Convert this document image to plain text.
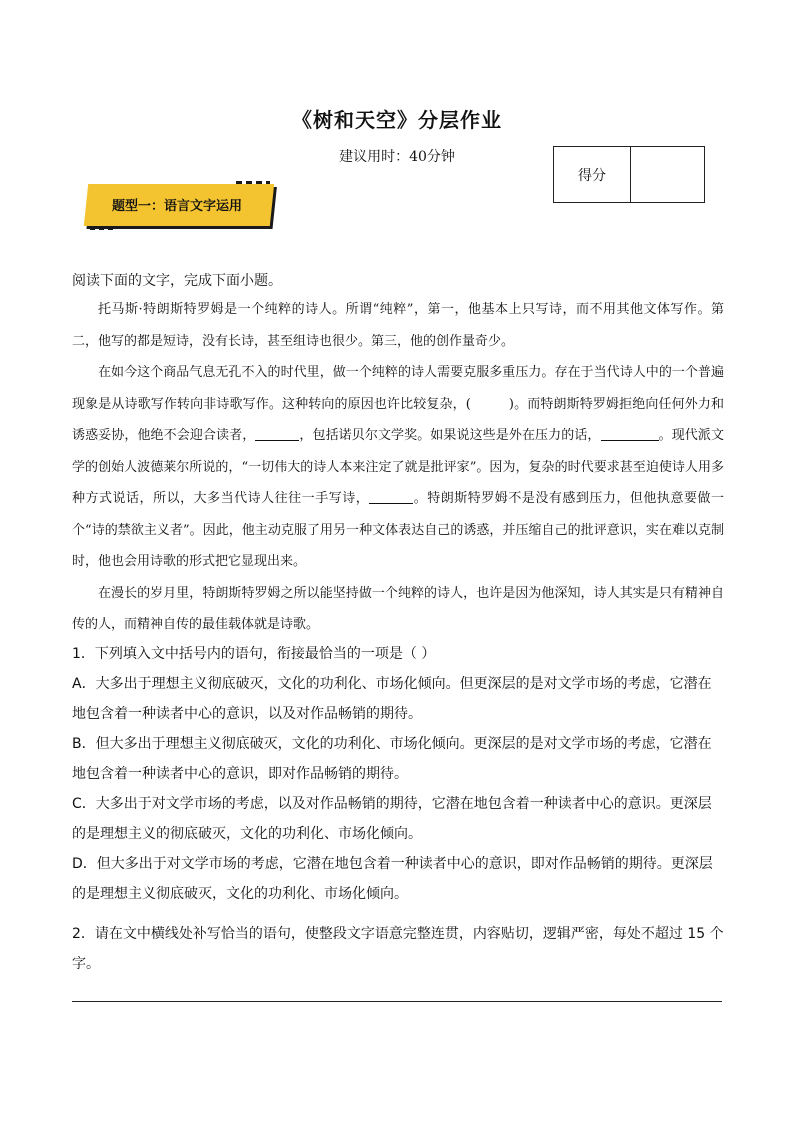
《树和天空》分层作业
建议用时：40分钟
得分
题型一：语言文字运用
阅读下面的文字，完成下面小题。

托马斯·特朗斯特罗姆是一个纯粹的诗人。所谓“纯粹”，第一，他基本上只写诗，而不用其他文体写作。第二，他写的都是短诗，没有长诗，甚至组诗也很少。第三，他的创作量奇少。

在如今这个商品气息无孔不入的时代里，做一个纯粹的诗人需要克服多重压力。存在于当代诗人中的一个普遍现象是从诗歌写作转向非诗歌写作。这种转向的原因也许比较复杂，(	)。而特朗斯特罗姆拒绝向任何外力和诱惑妥协，他绝不会迎合读者，	，包括诺贝尔文学奖。如果说这些是外在压力的话，	。现代派文学的创始人波德莱尔所说的，“一切伟大的诗人本来注定了就是批评家”。因为，复杂的时代要求甚至迫使诗人用多种方式说话，所以，大多当代诗人往往一手写诗，	。特朗斯特罗姆不是没有感到压力，但他执意要做一个“诗的禁欲主义者”。因此，他主动克服了用另一种文体表达自己的诱惑，并压缩自己的批评意识，实在难以克制时，他也会用诗歌的形式把它显现出来。

在漫长的岁月里，特朗斯特罗姆之所以能坚持做一个纯粹的诗人，也许是因为他深知，诗人其实是只有精神自传的人，而精神自传的最佳载体就是诗歌。

1．下列填入文中括号内的语句，衔接最恰当的一项是（ ）
A．大多出于理想主义彻底破灭，文化的功利化、市场化倾向。但更深层的是对文学市场的考虑，它潜在地包含着一种读者中心的意识，以及对作品畅销的期待。
B．但大多出于理想主义彻底破灭，文化的功利化、市场化倾向。更深层的是对文学市场的考虑，它潜在地包含着一种读者中心的意识，即对作品畅销的期待。
C．大多出于对文学市场的考虑，以及对作品畅销的期待，它潜在地包含着一种读者中心的意识。更深层的是理想主义的彻底破灭，文化的功利化、市场化倾向。
D．但大多出于对文学市场的考虑，它潜在地包含着一种读者中心的意识，即对作品畅销的期待。更深层的是理想主义彻底破灭，文化的功利化、市场化倾向。
2．请在文中横线处补写恰当的语句，使整段文字语意完整连贯，内容贴切，逻辑严密，每处不超过 15 个字。
